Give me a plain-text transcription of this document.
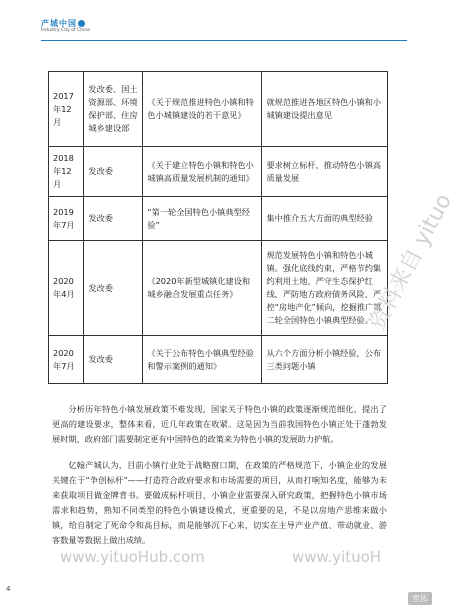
产城中国
Industry-City of China
2017年12月	发改委、国土资源部、环境保护部、住房城乡建设部	《关于规范推进特色小镇和特色小城镇建设的若干意见》	就规范推进各地区特色小镇和小城镇建设提出意见
2018年12月	发改委	《关于建立特色小镇和特色小城镇高质量发展机制的通知》	要求树立标杆，推动特色小镇高质量发展
2019年7月	发改委	“第一轮全国特色小镇典型经验”	集中推介五大方面的典型经验
2020年4月	发改委	《2020年新型城镇化建设和城乡融合发展重点任务》	规范发展特色小镇和特色小城镇。强化底线约束，严格节约集约利用土地、严守生态保护红线、严防地方政府债务风险、严控“房地产化”倾向，挖掘推广第二轮全国特色小镇典型经验。
2020年7月	发改委	《关于公布特色小镇典型经验和警示案例的通知》	从六个方面分析小镇经验，公布三类问题小镇

分析历年特色小镇发展政策不难发现，国家关于特色小镇的政策逐渐规范细化，提出了更高的建设要求，整体来看，近几年政策在收紧。这是因为当前我国特色小镇正处于蓬勃发展时期，政府部门需要制定更有中国特色的政策来为特色小镇的发展助力护航。

亿翰产城认为，目前小镇行业处于战略窗口期，在政策的严格规范下，小镇企业的发展关键在于“争创标杆”——打造符合政府要求和市场需要的项目，从而打响知名度，能够为未来获取项目做金牌背书。要做成标杆项目，小镇企业需要深入研究政策，把握特色小镇市场需求和趋势，熟知不同类型的特色小镇建设模式，更重要的是，不是以房地产思维来做小镇，给自制定了死命令和高目标，而是能够沉下心来，切实在主导产业产值、带动就业、游客数量等数据上做出成绩。

www.yituoHub.com	www.yituoH
资料来自 yituo
4
壹拓
